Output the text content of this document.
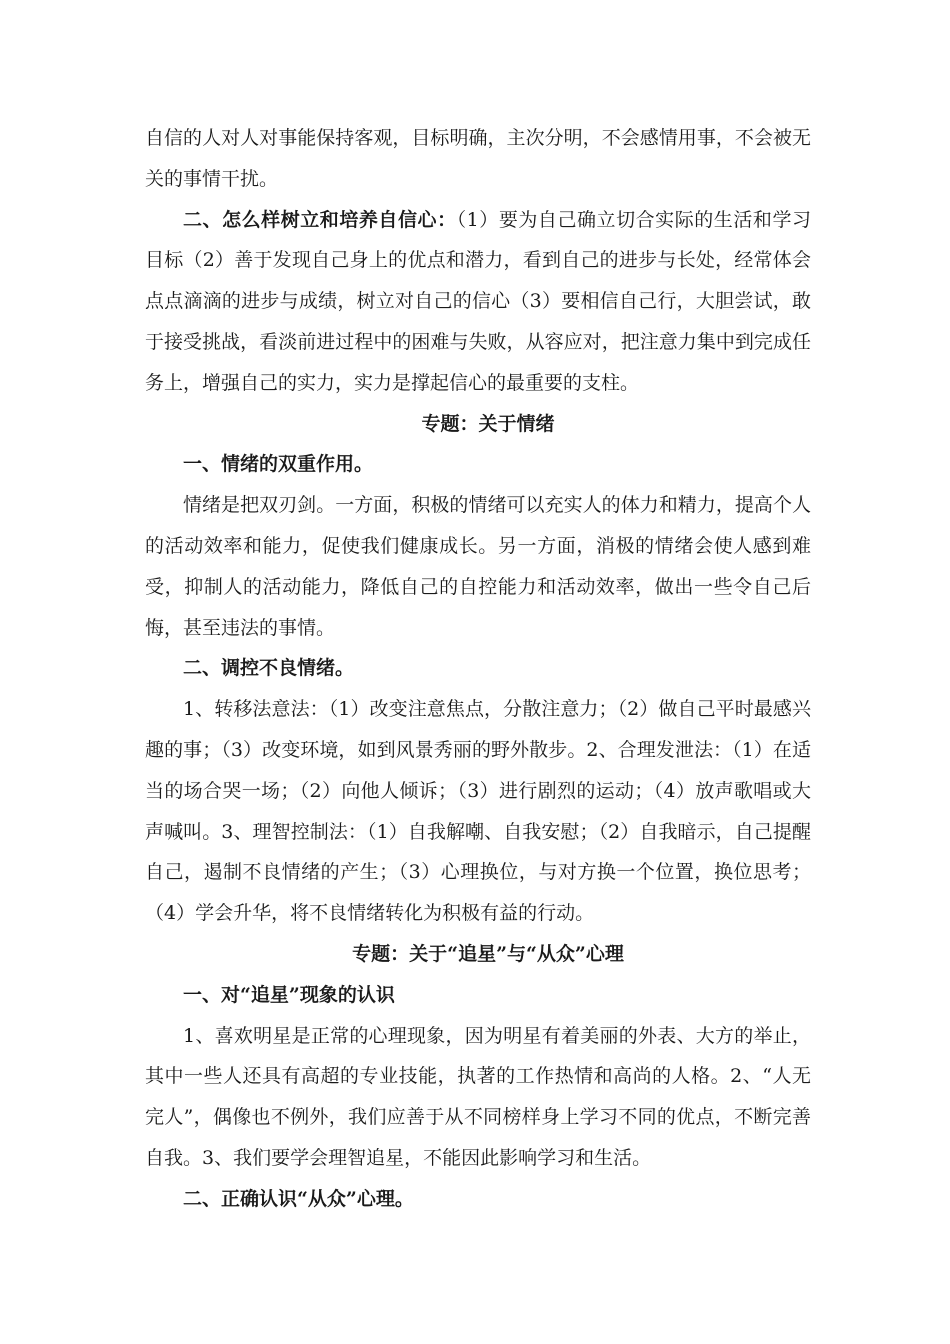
自信的人对人对事能保持客观，目标明确，主次分明，不会感情用事，不会被无关的事情干扰。

二、怎么样树立和培养自信心：（1）要为自己确立切合实际的生活和学习目标（2）善于发现自己身上的优点和潜力，看到自己的进步与长处，经常体会点点滴滴的进步与成绩，树立对自己的信心（3）要相信自己行，大胆尝试，敢于接受挑战，看淡前进过程中的困难与失败，从容应对，把注意力集中到完成任务上，增强自己的实力，实力是撑起信心的最重要的支柱。

专题：关于情绪

一、情绪的双重作用。

情绪是把双刃剑。一方面，积极的情绪可以充实人的体力和精力，提高个人的活动效率和能力，促使我们健康成长。另一方面，消极的情绪会使人感到难受，抑制人的活动能力，降低自己的自控能力和活动效率，做出一些令自己后悔，甚至违法的事情。

二、调控不良情绪。

1、转移法意法：（1）改变注意焦点，分散注意力；（2）做自己平时最感兴趣的事；（3）改变环境，如到风景秀丽的野外散步。2、合理发泄法：（1）在适当的场合哭一场；（2）向他人倾诉；（3）进行剧烈的运动；（4）放声歌唱或大声喊叫。3、理智控制法：（1）自我解嘲、自我安慰；（2）自我暗示，自己提醒自己，遏制不良情绪的产生；（3）心理换位，与对方换一个位置，换位思考；（4）学会升华，将不良情绪转化为积极有益的行动。

专题：关于“追星”与“从众”心理

一、对“追星”现象的认识

1、喜欢明星是正常的心理现象，因为明星有着美丽的外表、大方的举止，其中一些人还具有高超的专业技能，执著的工作热情和高尚的人格。2、“人无完人”，偶像也不例外，我们应善于从不同榜样身上学习不同的优点，不断完善自我。3、我们要学会理智追星，不能因此影响学习和生活。

二、正确认识“从众”心理。
